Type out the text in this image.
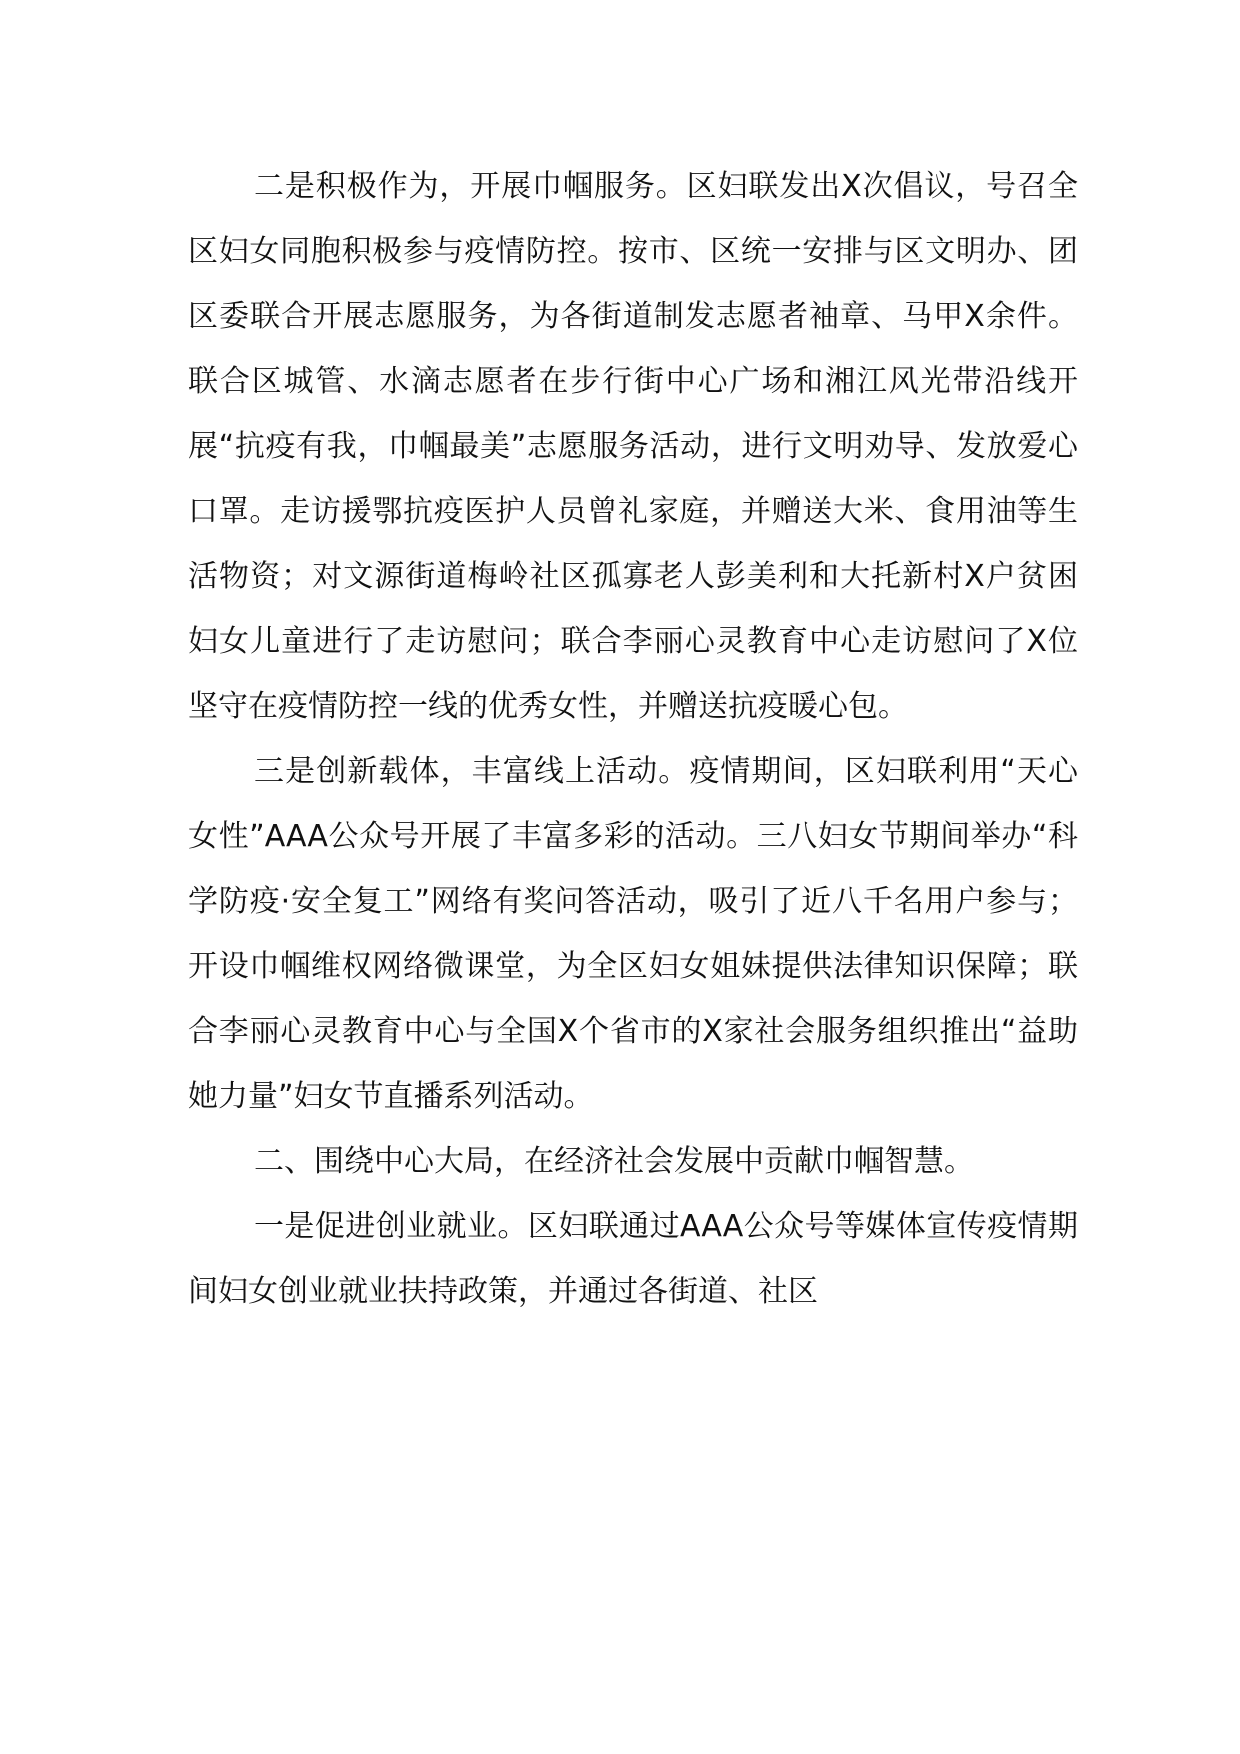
二是积极作为，开展巾帼服务。区妇联发出X次倡议，号召全区妇女同胞积极参与疫情防控。按市、区统一安排与区文明办、团区委联合开展志愿服务，为各街道制发志愿者袖章、马甲X余件。联合区城管、水滴志愿者在步行街中心广场和湘江风光带沿线开展“抗疫有我，巾帼最美”志愿服务活动，进行文明劝导、发放爱心口罩。走访援鄂抗疫医护人员曾礼家庭，并赠送大米、食用油等生活物资；对文源街道梅岭社区孤寡老人彭美利和大托新村X户贫困妇女儿童进行了走访慰问；联合李丽心灵教育中心走访慰问了X位坚守在疫情防控一线的优秀女性，并赠送抗疫暖心包。

三是创新载体，丰富线上活动。疫情期间，区妇联利用“天心女性”AAA公众号开展了丰富多彩的活动。三八妇女节期间举办“科学防疫·安全复工”网络有奖问答活动，吸引了近八千名用户参与；开设巾帼维权网络微课堂，为全区妇女姐妹提供法律知识保障；联合李丽心灵教育中心与全国X个省市的X家社会服务组织推出“益助她力量”妇女节直播系列活动。

二、围绕中心大局，在经济社会发展中贡献巾帼智慧。

一是促进创业就业。区妇联通过AAA公众号等媒体宣传疫情期间妇女创业就业扶持政策，并通过各街道、社区
